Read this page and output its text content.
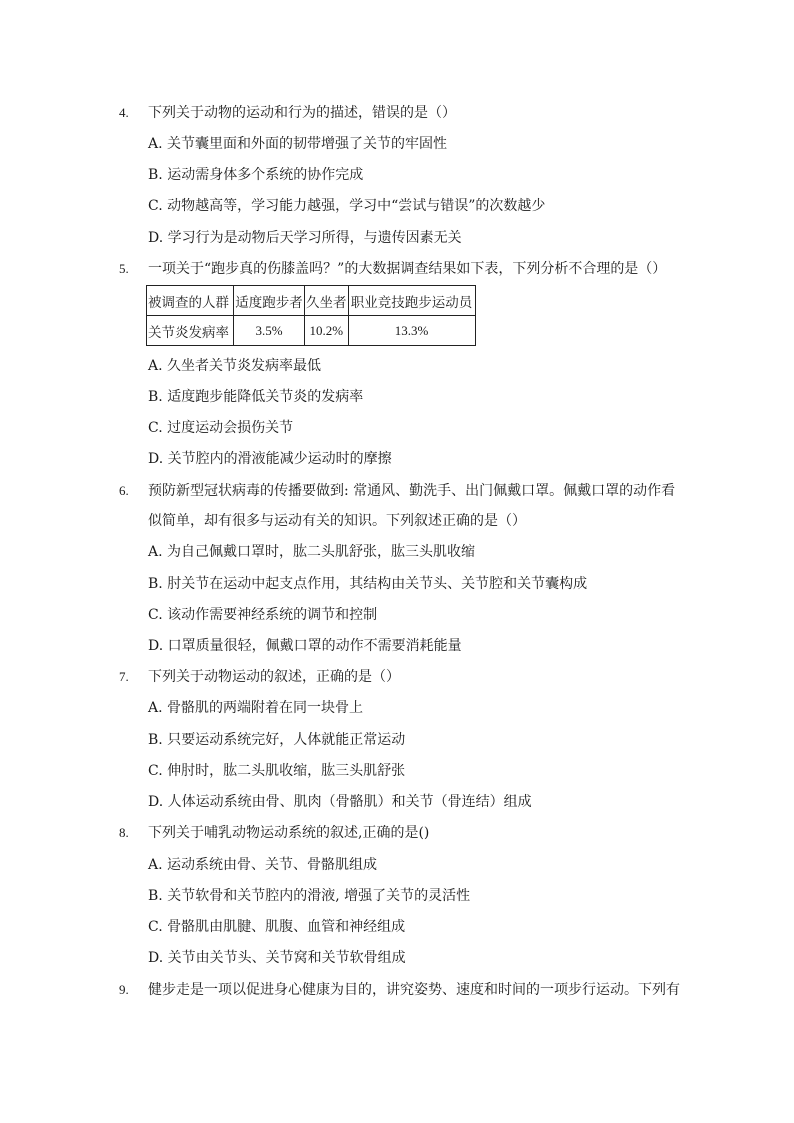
4. 下列关于动物的运动和行为的描述，错误的是（）
A. 关节囊里面和外面的韧带增强了关节的牢固性
B. 运动需身体多个系统的协作完成
C. 动物越高等，学习能力越强，学习中“尝试与错误”的次数越少
D. 学习行为是动物后天学习所得，与遗传因素无关
5. 一项关于“跑步真的伤膝盖吗？”的大数据调查结果如下表，下列分析不合理的是（）
被调查的人群	适度跑步者	久坐者	职业竞技跑步运动员
关节炎发病率	3.5%	10.2%	13.3%
A. 久坐者关节炎发病率最低
B. 适度跑步能降低关节炎的发病率
C. 过度运动会损伤关节
D. 关节腔内的滑液能减少运动时的摩擦
6. 预防新型冠状病毒的传播要做到: 常通风、勤洗手、出门佩戴口罩。佩戴口罩的动作看
似简单，却有很多与运动有关的知识。下列叙述正确的是（）
A. 为自己佩戴口罩时，肱二头肌舒张，肱三头肌收缩
B. 肘关节在运动中起支点作用，其结构由关节头、关节腔和关节囊构成
C. 该动作需要神经系统的调节和控制
D. 口罩质量很轻，佩戴口罩的动作不需要消耗能量
7. 下列关于动物运动的叙述，正确的是（）
A. 骨骼肌的两端附着在同一块骨上
B. 只要运动系统完好，人体就能正常运动
C. 伸肘时，肱二头肌收缩，肱三头肌舒张
D. 人体运动系统由骨、肌肉（骨骼肌）和关节（骨连结）组成
8. 下列关于哺乳动物运动系统的叙述,正确的是()
A. 运动系统由骨、关节、骨骼肌组成
B. 关节软骨和关节腔内的滑液, 增强了关节的灵活性
C. 骨骼肌由肌腱、肌腹、血管和神经组成
D. 关节由关节头、关节窝和关节软骨组成
9. 健步走是一项以促进身心健康为目的，讲究姿势、速度和时间的一项步行运动。下列有
